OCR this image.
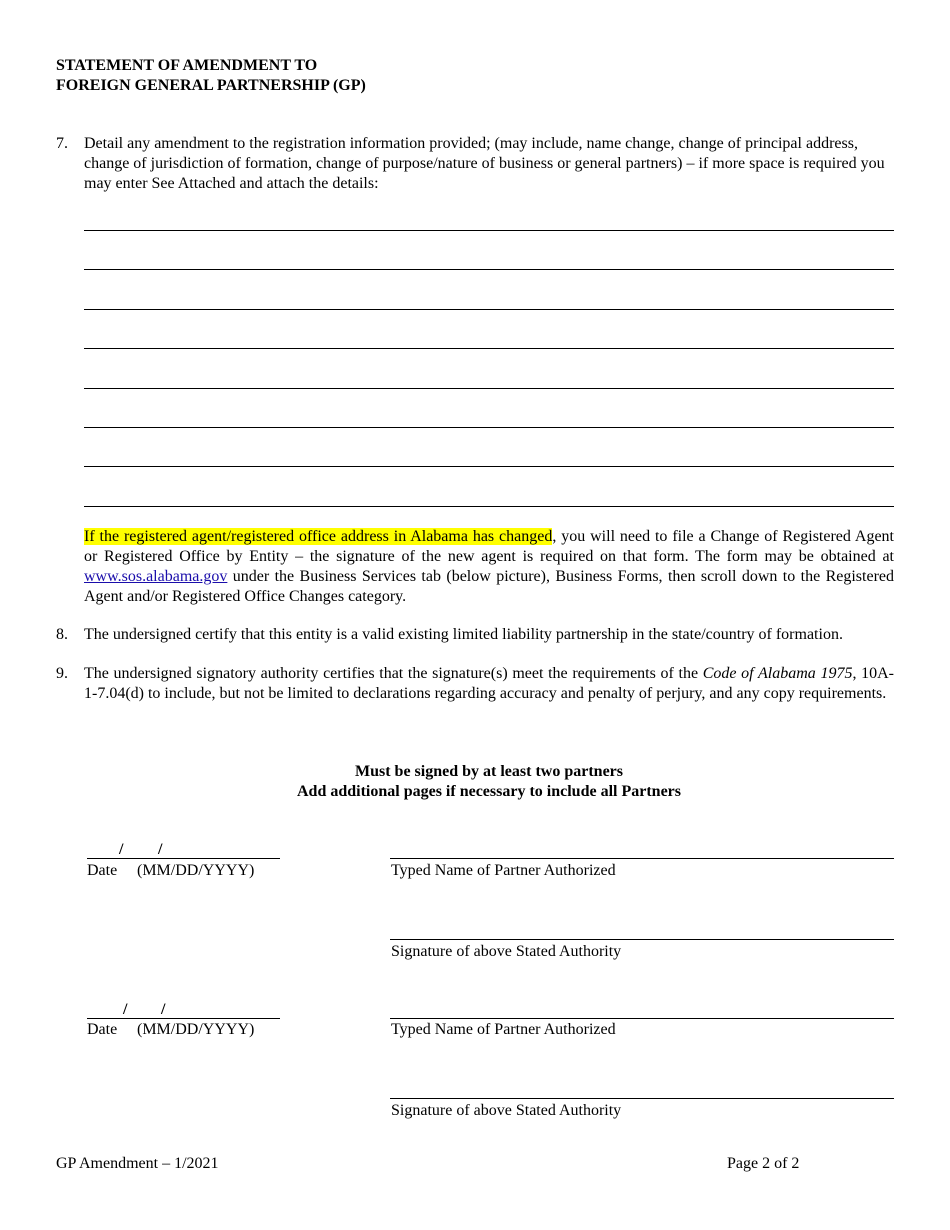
STATEMENT OF AMENDMENT TO
FOREIGN GENERAL PARTNERSHIP (GP)
7. Detail any amendment to the registration information provided; (may include, name change, change of principal address, change of jurisdiction of formation, change of purpose/nature of business or general partners) – if more space is required you may enter See Attached and attach the details:
If the registered agent/registered office address in Alabama has changed, you will need to file a Change of Registered Agent or Registered Office by Entity – the signature of the new agent is required on that form. The form may be obtained at www.sos.alabama.gov under the Business Services tab (below picture), Business Forms, then scroll down to the Registered Agent and/or Registered Office Changes category.
8. The undersigned certify that this entity is a valid existing limited liability partnership in the state/country of formation.
9. The undersigned signatory authority certifies that the signature(s) meet the requirements of the Code of Alabama 1975, 10A-1-7.04(d) to include, but not be limited to declarations regarding accuracy and penalty of perjury, and any copy requirements.
Must be signed by at least two partners
Add additional pages if necessary to include all Partners
/ /
Date (MM/DD/YYYY)	Typed Name of Partner Authorized
Signature of above Stated Authority
/ /
Date (MM/DD/YYYY)	Typed Name of Partner Authorized
Signature of above Stated Authority
GP Amendment – 1/2021	Page 2 of 2
